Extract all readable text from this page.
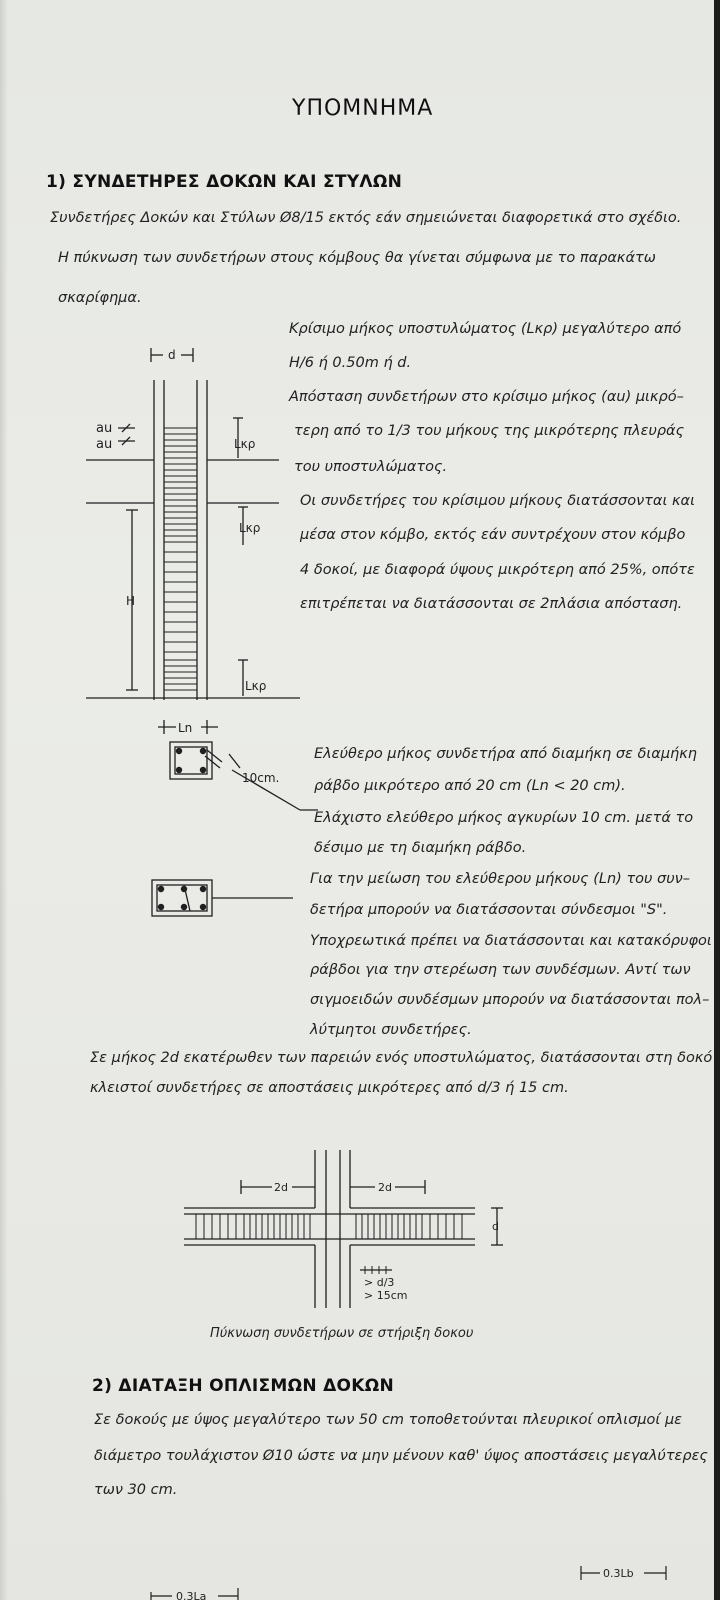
ΥΠΟΜΝΗΜΑ
1) ΣΥΝΔΕΤΗΡΕΣ ΔΟΚΩΝ ΚΑΙ ΣΤΥΛΩΝ
Συνδετήρες Δοκών και Στύλων Ø8/15 εκτός εάν σημειώνεται διαφορετικά στο σχέδιο.
Η πύκνωση των συνδετήρων στους κόμβους θα γίνεται σύμφωνα με το παρακάτω
σκαρίφημα.
Κρίσιμο μήκος υποστυλώματος (Lκρ) μεγαλύτερο από
H/6 ή 0.50m ή d.
Απόσταση συνδετήρων στο κρίσιμο μήκος (αu) μικρό–
τερη από το 1/3 του μήκους της μικρότερης πλευράς
του υποστυλώματος.
Οι συνδετήρες του κρίσιμου μήκους διατάσσονται και
μέσα στον κόμβο, εκτός εάν συντρέχουν στον κόμβο
4 δοκοί, με διαφορά ύψους μικρότερη από 25%, οπότε
επιτρέπεται να διατάσσονται σε 2πλάσια απόσταση.
d
au
au	Lκρ
Lκρ
Lκρ
H
Ln
10cm.
Ελεύθερο μήκος συνδετήρα από διαμήκη σε διαμήκη
ράβδο μικρότερο από 20 cm (Ln < 20 cm).
Ελάχιστο ελεύθερο μήκος αγκυρίων 10 cm. μετά το
δέσιμο με τη διαμήκη ράβδο.
Για την μείωση του ελεύθερου μήκους (Ln) του συν–
δετήρα μπορούν να διατάσσονται σύνδεσμοι "S".
Υποχρεωτικά πρέπει να διατάσσονται και κατακόρυφοι
ράβδοι για την στερέωση των συνδέσμων. Αντί των
σιγμοειδών συνδέσμων μπορούν να διατάσσονται πολ–
λύτμητοι συνδετήρες.
Σε μήκος 2d εκατέρωθεν των παρειών ενός υποστυλώματος, διατάσσονται στη δοκό
κλειστοί συνδετήρες σε αποστάσεις μικρότερες από d/3 ή 15 cm.
2d	2d
d
> d/3
> 15cm
Πύκνωση συνδετήρων σε στήριξη δοκου
2) ΔΙΑΤΑΞΗ ΟΠΛΙΣΜΩΝ ΔΟΚΩΝ
Σε δοκούς με ύψος μεγαλύτερο των 50 cm τοποθετούνται πλευρικοί οπλισμοί με
διάμετρο τουλάχιστον Ø10 ώστε να μην μένουν καθ' ύψος αποστάσεις μεγαλύτερες
των 30 cm.
0.3Lb
0.3La
